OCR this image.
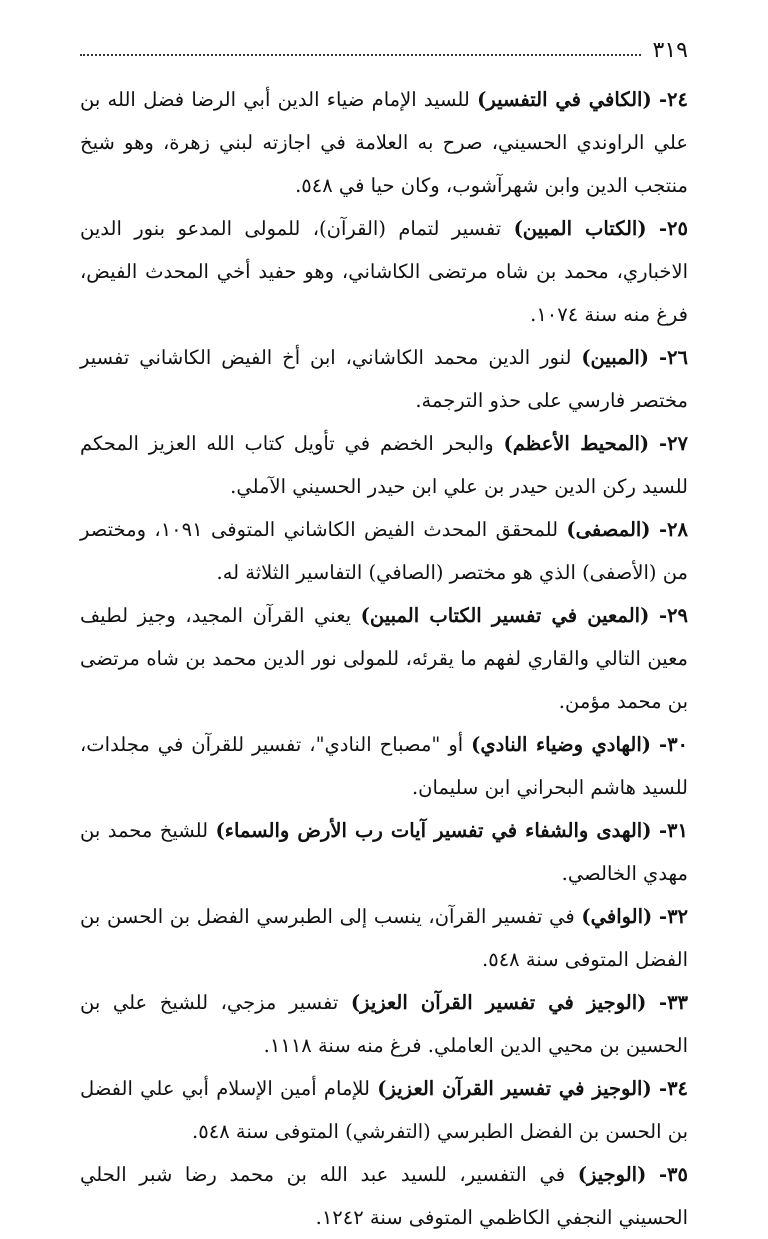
٣١٩

٢٤- (الكافي في التفسير) للسيد الإمام ضياء الدين أبي الرضا فضل الله بن علي الراوندي الحسيني، صرح به العلامة في اجازته لبني زهرة، وهو شيخ منتجب الدين وابن شهرآشوب، وكان حيا في ٥٤٨.

٢٥- (الكتاب المبين) تفسير لتمام (القرآن)، للمولى المدعو بنور الدين الاخباري، محمد بن شاه مرتضى الكاشاني، وهو حفيد أخي المحدث الفيض، فرغ منه سنة ١٠٧٤.

٢٦- (المبين) لنور الدين محمد الكاشاني، ابن أخ الفيض الكاشاني تفسير مختصر فارسي على حذو الترجمة.

٢٧- (المحيط الأعظم) والبحر الخضم في تأويل كتاب الله العزيز المحكم للسيد ركن الدين حيدر بن علي ابن حيدر الحسيني الآملي.

٢٨- (المصفى) للمحقق المحدث الفيض الكاشاني المتوفى ١٠٩١، ومختصر من (الأصفى) الذي هو مختصر (الصافي) التفاسير الثلاثة له.

٢٩- (المعين في تفسير الكتاب المبين) يعني القرآن المجيد، وجيز لطيف معين التالي والقاري لفهم ما يقرئه، للمولى نور الدين محمد بن شاه مرتضى بن محمد مؤمن.

٣٠- (الهادي وضياء النادي) أو "مصباح النادي"، تفسير للقرآن في مجلدات، للسيد هاشم البحراني ابن سليمان.

٣١- (الهدى والشفاء في تفسير آيات رب الأرض والسماء) للشيخ محمد بن مهدي الخالصي.

٣٢- (الوافي) في تفسير القرآن، ينسب إلى الطبرسي الفضل بن الحسن بن الفضل المتوفى سنة ٥٤٨.

٣٣- (الوجيز في تفسير القرآن العزيز) تفسير مزجي، للشيخ علي بن الحسين بن محيي الدين العاملي. فرغ منه سنة ١١١٨.

٣٤- (الوجيز في تفسير القرآن العزيز) للإمام أمين الإسلام أبي علي الفضل بن الحسن بن الفضل الطبرسي (التفرشي) المتوفى سنة ٥٤٨.

٣٥- (الوجيز) في التفسير، للسيد عبد الله بن محمد رضا شبر الحلي الحسيني النجفي الكاظمي المتوفى سنة ١٢٤٢.
